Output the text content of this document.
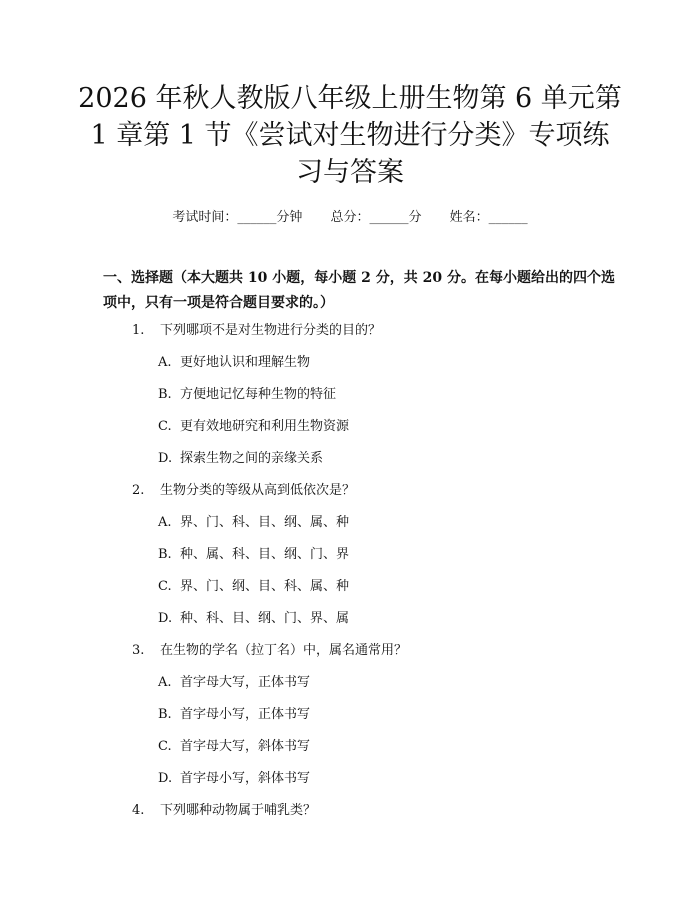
2026 年秋人教版八年级上册生物第 6 单元第
1 章第 1 节《尝试对生物进行分类》专项练
习与答案
考试时间：______分钟 总分：______分 姓名：______
一、选择题（本大题共 10 小题，每小题 2 分，共 20 分。在每小题给出的四个选
项中，只有一项是符合题目要求的。）
1. 下列哪项不是对生物进行分类的目的？
A. 更好地认识和理解生物
B. 方便地记忆每种生物的特征
C. 更有效地研究和利用生物资源
D. 探索生物之间的亲缘关系
2. 生物分类的等级从高到低依次是？
A. 界、门、科、目、纲、属、种
B. 种、属、科、目、纲、门、界
C. 界、门、纲、目、科、属、种
D. 种、科、目、纲、门、界、属
3. 在生物的学名（拉丁名）中，属名通常用？
A. 首字母大写，正体书写
B. 首字母小写，正体书写
C. 首字母大写，斜体书写
D. 首字母小写，斜体书写
4. 下列哪种动物属于哺乳类？
